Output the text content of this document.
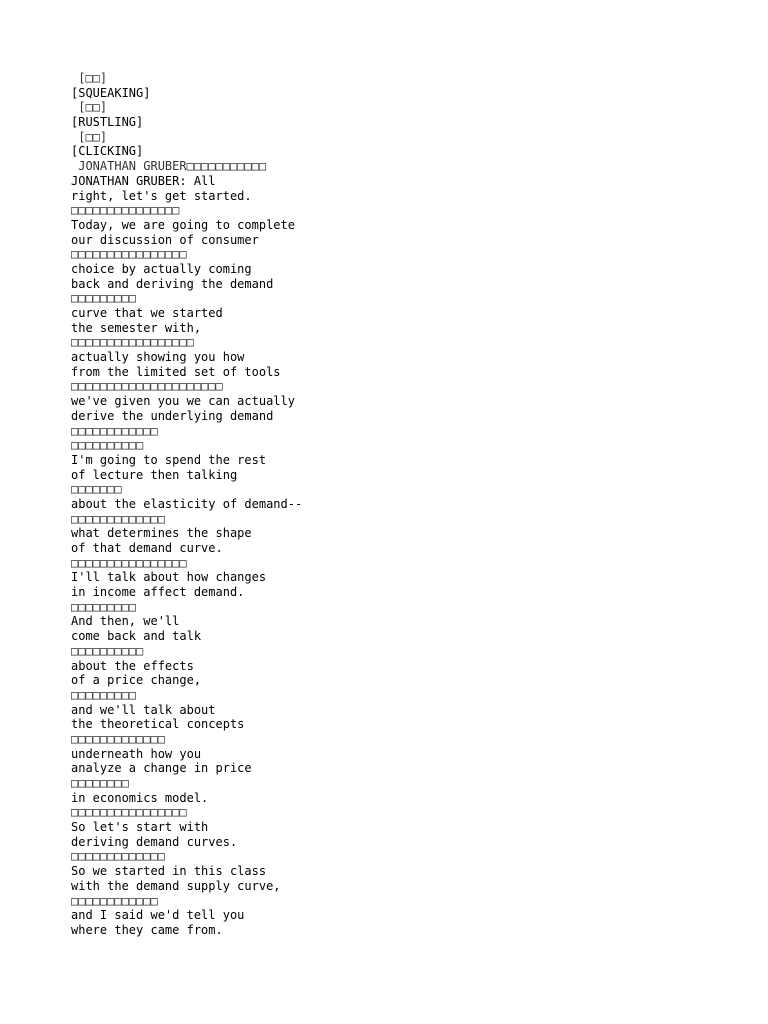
[□□]
[SQUEAKING]
[□□]
[RUSTLING]
[□□]
[CLICKING]
JONATHAN GRUBER□□□□□□□□□□□
JONATHAN GRUBER: All
right, let's get started.
□□□□□□□□□□□□□□□
Today, we are going to complete
our discussion of consumer
□□□□□□□□□□□□□□□□
choice by actually coming
back and deriving the demand
□□□□□□□□□
curve that we started
the semester with,
□□□□□□□□□□□□□□□□□
actually showing you how
from the limited set of tools
□□□□□□□□□□□□□□□□□□□□□
we've given you we can actually
derive the underlying demand
□□□□□□□□□□□□
□□□□□□□□□□
I'm going to spend the rest
of lecture then talking
□□□□□□□
about the elasticity of demand--
□□□□□□□□□□□□□
what determines the shape
of that demand curve.
□□□□□□□□□□□□□□□□
I'll talk about how changes
in income affect demand.
□□□□□□□□□
And then, we'll
come back and talk
□□□□□□□□□□
about the effects
of a price change,
□□□□□□□□□
and we'll talk about
the theoretical concepts
□□□□□□□□□□□□□
underneath how you
analyze a change in price
□□□□□□□□
in economics model.
□□□□□□□□□□□□□□□□
So let's start with
deriving demand curves.
□□□□□□□□□□□□□
So we started in this class
with the demand supply curve,
□□□□□□□□□□□□
and I said we'd tell you
where they came from.
